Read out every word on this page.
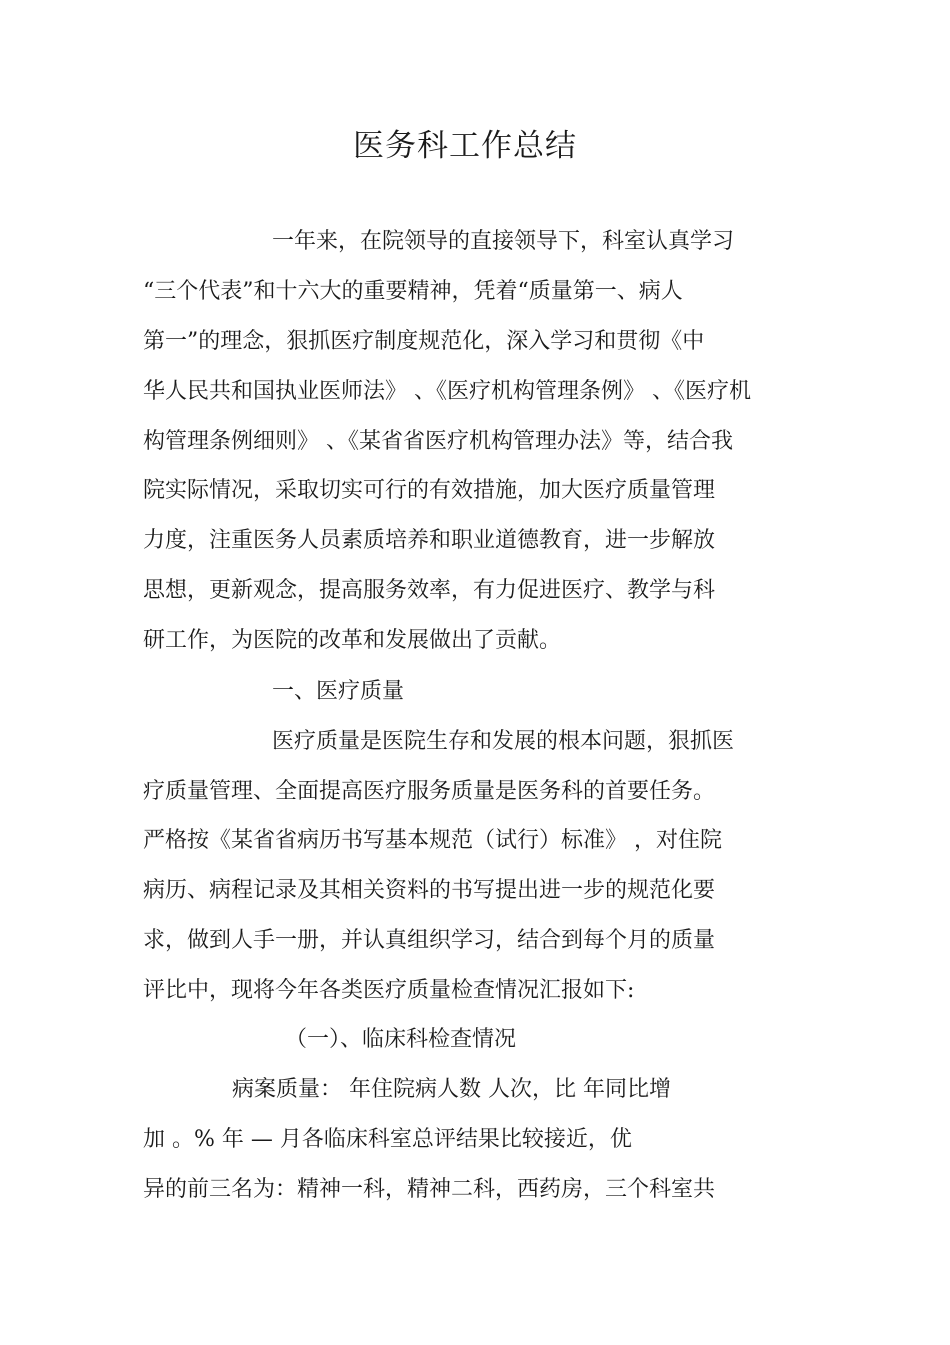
医务科工作总结
一年来，在院领导的直接领导下，科室认真学习
“三个代表”和十六大的重要精神，凭着“质量第一、病人
第一”的理念，狠抓医疗制度规范化，深入学习和贯彻《中
华人民共和国执业医师法》 、《医疗机构管理条例》 、《医疗机
构管理条例细则》 、《某省省医疗机构管理办法》等，结合我
院实际情况，采取切实可行的有效措施，加大医疗质量管理
力度，注重医务人员素质培养和职业道德教育，进一步解放
思想，更新观念，提高服务效率，有力促进医疗、教学与科
研工作，为医院的改革和发展做出了贡献。
一、医疗质量
医疗质量是医院生存和发展的根本问题，狠抓医
疗质量管理、全面提高医疗服务质量是医务科的首要任务。
严格按《某省省病历书写基本规范（试行）标准》 ，对住院
病历、病程记录及其相关资料的书写提出进一步的规范化要
求，做到人手一册，并认真组织学习，结合到每个月的质量
评比中，现将今年各类医疗质量检查情况汇报如下:
（一）、临床科检查情况
病案质量： 年住院病人数 人次，比 年同比增
加 。% 年 — 月各临床科室总评结果比较接近，优
异的前三名为：精神一科，精神二科，西药房，三个科室共
